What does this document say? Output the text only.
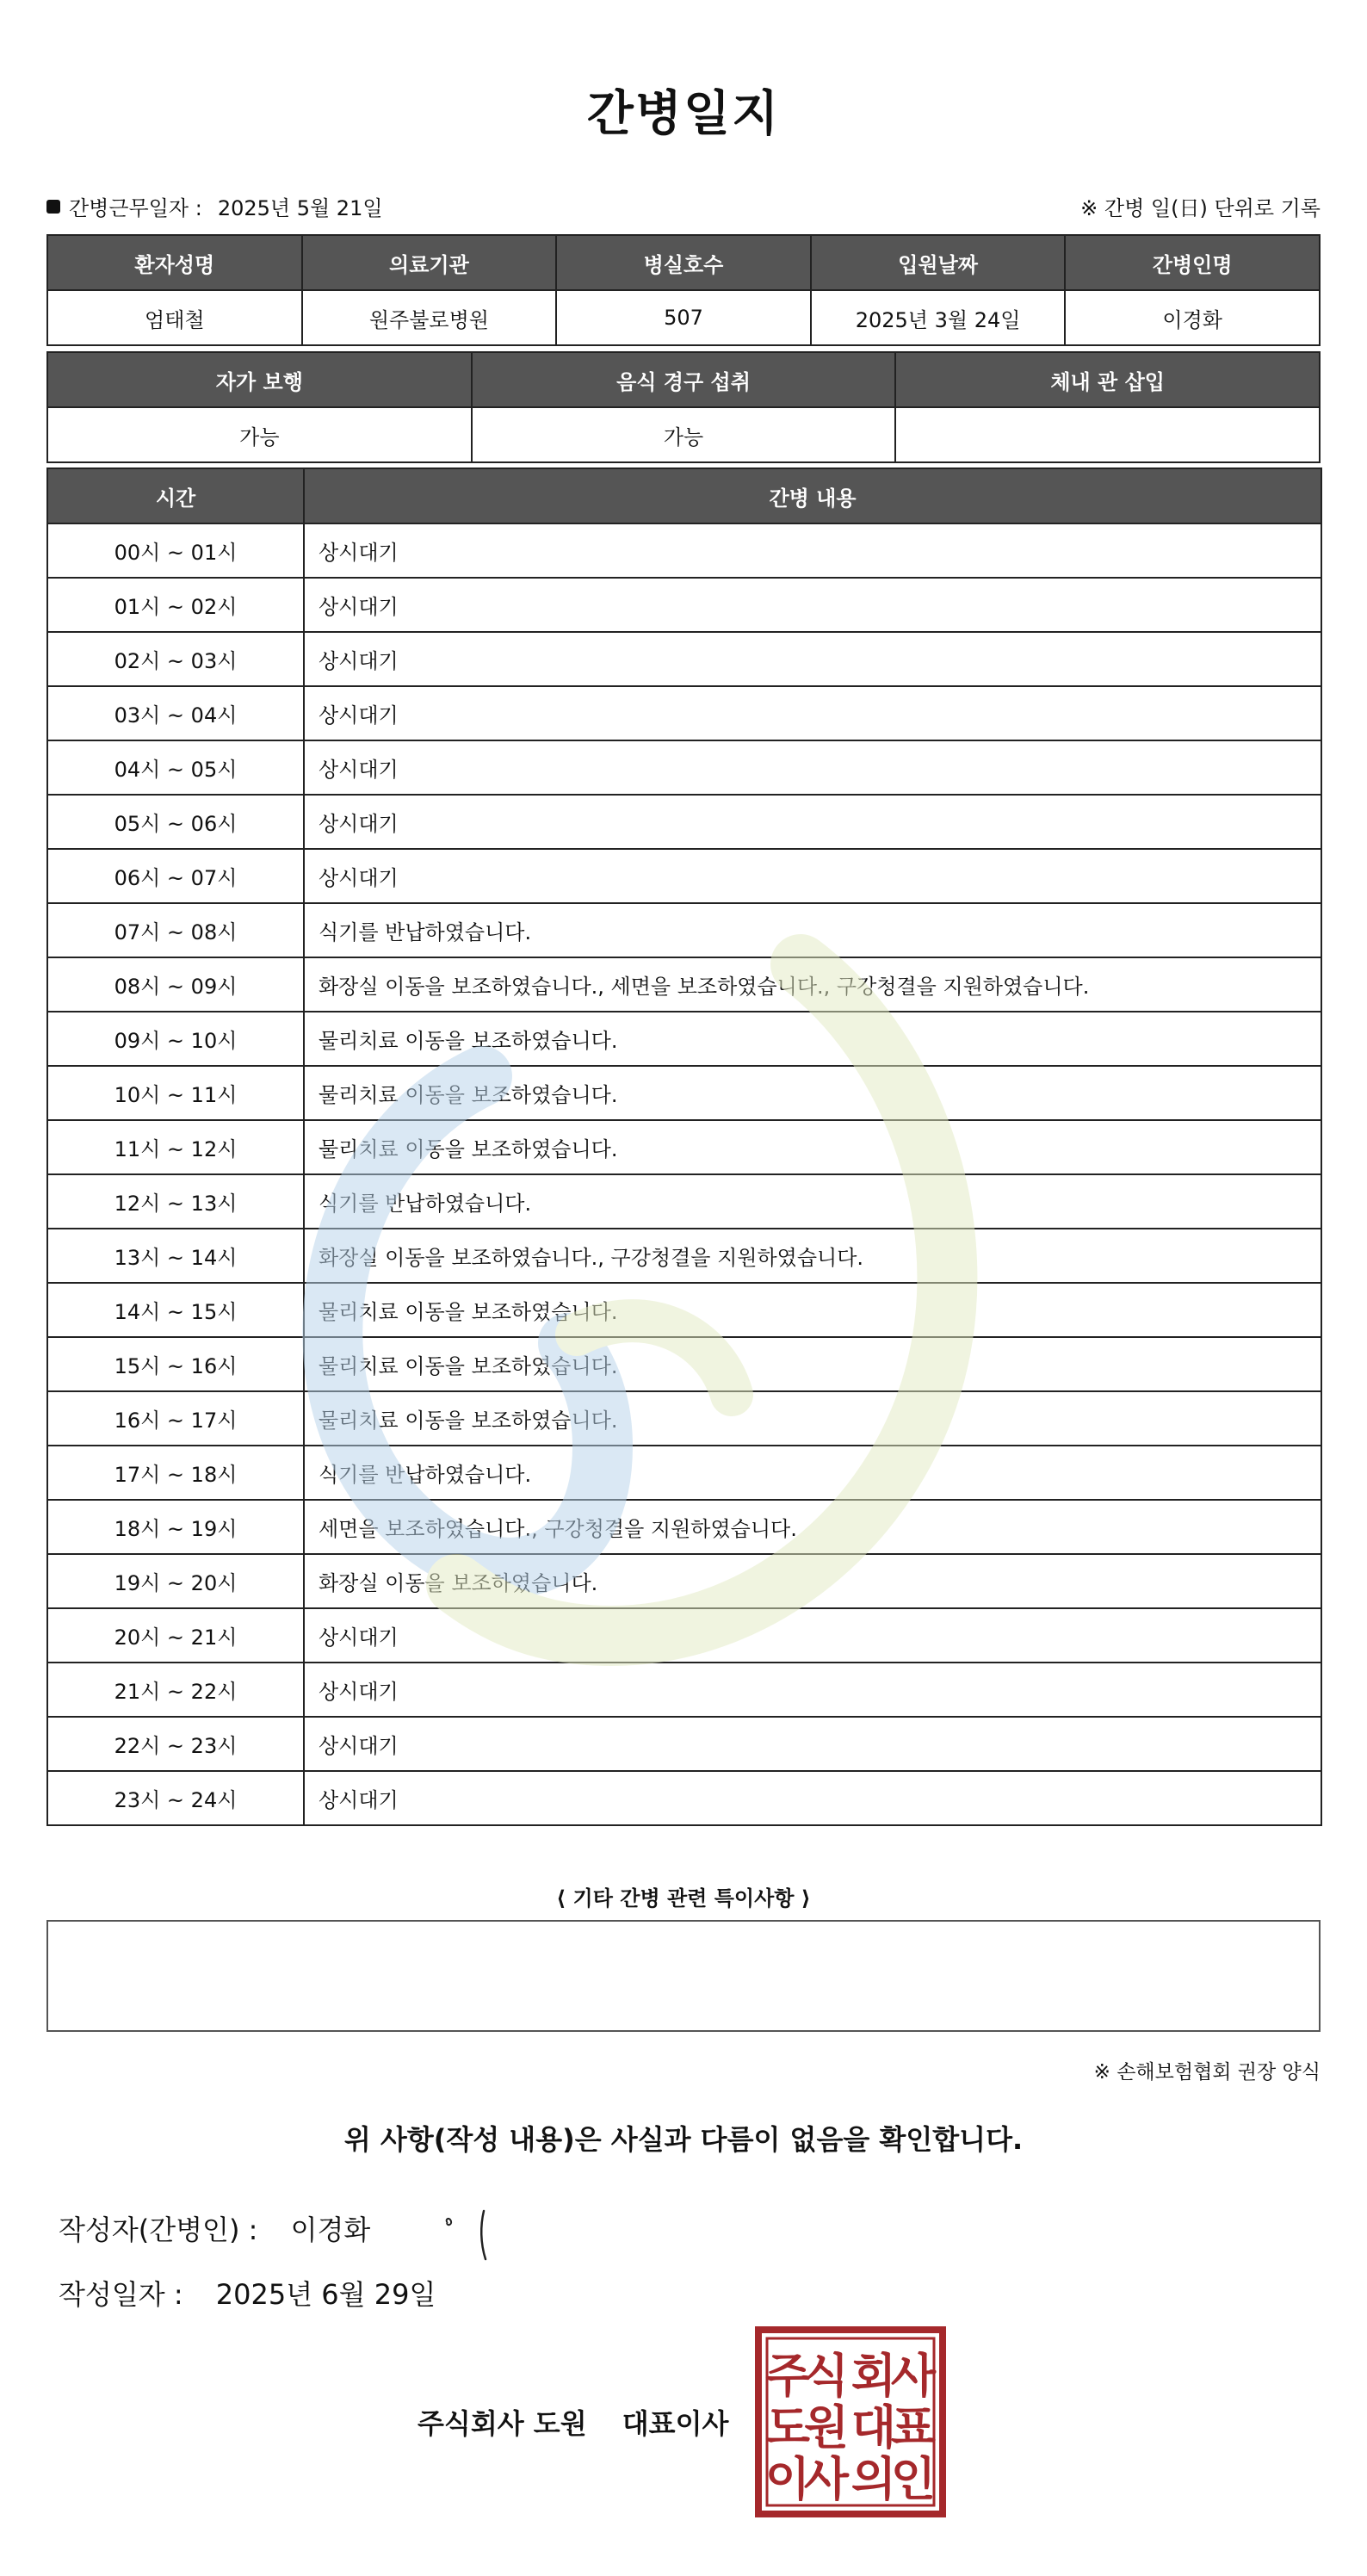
간병일지
간병근무일자 : 2025년 5월 21일	※ 간병 일(日) 단위로 기록
환자성명	의료기관	병실호수	입원날짜	간병인명
엄태철	원주불로병원	507	2025년 3월 24일	이경화
자가 보행	음식 경구 섭취	체내 관 삽입
가능	가능	
시간	간병 내용
00시 ~ 01시	상시대기
01시 ~ 02시	상시대기
02시 ~ 03시	상시대기
03시 ~ 04시	상시대기
04시 ~ 05시	상시대기
05시 ~ 06시	상시대기
06시 ~ 07시	상시대기
07시 ~ 08시	식기를 반납하였습니다.
08시 ~ 09시	화장실 이동을 보조하였습니다., 세면을 보조하였습니다., 구강청결을 지원하였습니다.
09시 ~ 10시	물리치료 이동을 보조하였습니다.
10시 ~ 11시	물리치료 이동을 보조하였습니다.
11시 ~ 12시	물리치료 이동을 보조하였습니다.
12시 ~ 13시	식기를 반납하였습니다.
13시 ~ 14시	화장실 이동을 보조하였습니다., 구강청결을 지원하였습니다.
14시 ~ 15시	물리치료 이동을 보조하였습니다.
15시 ~ 16시	물리치료 이동을 보조하였습니다.
16시 ~ 17시	물리치료 이동을 보조하였습니다.
17시 ~ 18시	식기를 반납하였습니다.
18시 ~ 19시	세면을 보조하였습니다., 구강청결을 지원하였습니다.
19시 ~ 20시	화장실 이동을 보조하였습니다.
20시 ~ 21시	상시대기
21시 ~ 22시	상시대기
22시 ~ 23시	상시대기
23시 ~ 24시	상시대기
⟨ 기타 간병 관련 특이사항 ⟩
※ 손해보험협회 권장 양식
위 사항(작성 내용)은 사실과 다름이 없음을 확인합니다.
작성자(간병인) : 이경화
작성일자 : 2025년 6월 29일
주식회사 도원 대표이사
주
식 회
사
도
원 대
표
이
사 의
인
